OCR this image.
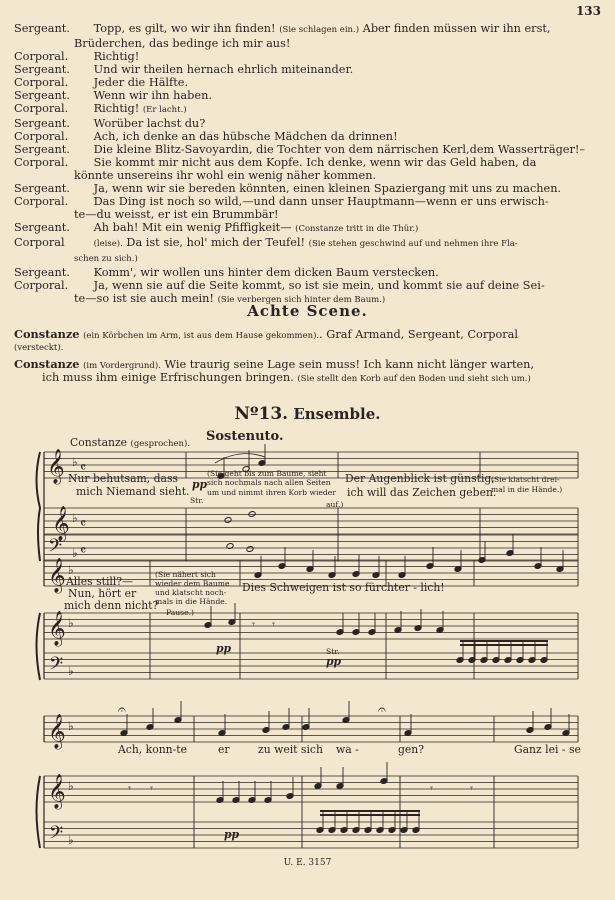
133
Sergeant. Topp, es gilt, wo wir ihn finden! (Sie schlagen ein.) Aber finden müssen wir ihn erst,
Brüderchen, das bedinge ich mir aus!
Corporal. Richtig!
Sergeant. Und wir theilen hernach ehrlich miteinander.
Corporal. Jeder die Hälfte.
Sergeant. Wenn wir ihn haben.
Corporal. Richtig! (Er lacht.)
Sergeant. Worüber lachst du?
Corporal. Ach, ich denke an das hübsche Mädchen da drinnen!
Sergeant. Die kleine Blitz-Savoyardin, die Tochter von dem närrischen Kerl,dem Wasserträger!–
Corporal. Sie kommt mir nicht aus dem Kopfe. Ich denke, wenn wir das Geld haben, da
könnte unsereins ihr wohl ein wenig näher kommen.
Sergeant. Ja, wenn wir sie bereden könnten, einen kleinen Spaziergang mit uns zu machen.
Corporal. Das Ding ist noch so wild,—und dann unser Hauptmann—wenn er uns erwisch-
te—du weisst, er ist ein Brummbär!
Sergeant. Ah bah! Mit ein wenig Pfiffigkeit— (Constanze tritt in die Thür.)
Corporal	(leise). Da ist sie, hol' mich der Teufel! (Sie stehen geschwind auf und nehmen ihre Fla-
schen zu sich.)
Sergeant. Komm', wir wollen uns hinter dem dicken Baum verstecken.
Corporal. Ja, wenn sie auf die Seite kommt, so ist sie mein, und kommt sie auf deine Sei-
te—so ist sie auch mein! (Sie verbergen sich hinter dem Baum.)
Achte Scene.
Constanze (ein Körbchen im Arm, ist aus dem Hause gekommen).. Graf Armand, Sergeant, Corporal
(versteckt).
Constanze (im Vordergrund). Wie traurig seine Lage sein muss! Ich kann nicht länger warten,
ich muss ihm einige Erfrischungen bringen. (Sie stellt den Korb auf den Boden und sieht sich um.)
Nº13. Ensemble.
𝄞
𝄢
𝄞
♭
♭
♭
𝄴
𝄴
𝄴
𝄞
𝄞
𝄢
♭
♭
♭
𝄾 𝄾
𝄞
𝄞
𝄢
♭
♭
♭
𝄐	𝄐
𝄾 𝄾	𝄾	𝄾
Constanze (gesprochen). Sostenuto.
Nur behutsam, dass
mich Niemand sieht.
pp
(Sie geht bis zum Baume, sieht
sich nochmals nach allen Seiten
um und nimmt ihren Korb wieder
auf.)
Str.
Der Augenblick ist günstig,
ich will das Zeichen geben.
(Sie klatscht drei-
mal in die Hände.)
Alles still?—
Nun, hört er
mich denn nicht?
(Sie nähert sich
wieder dem Baume
und klatscht noch-
mals in die Hände.
Pause.)
Dies Schweigen ist so fürchter - lich!
pp	Str.
pp
Ach, konn-te	er	zu weit sich wa -	gen?	Ganz lei - se
pp
U. E. 3157
